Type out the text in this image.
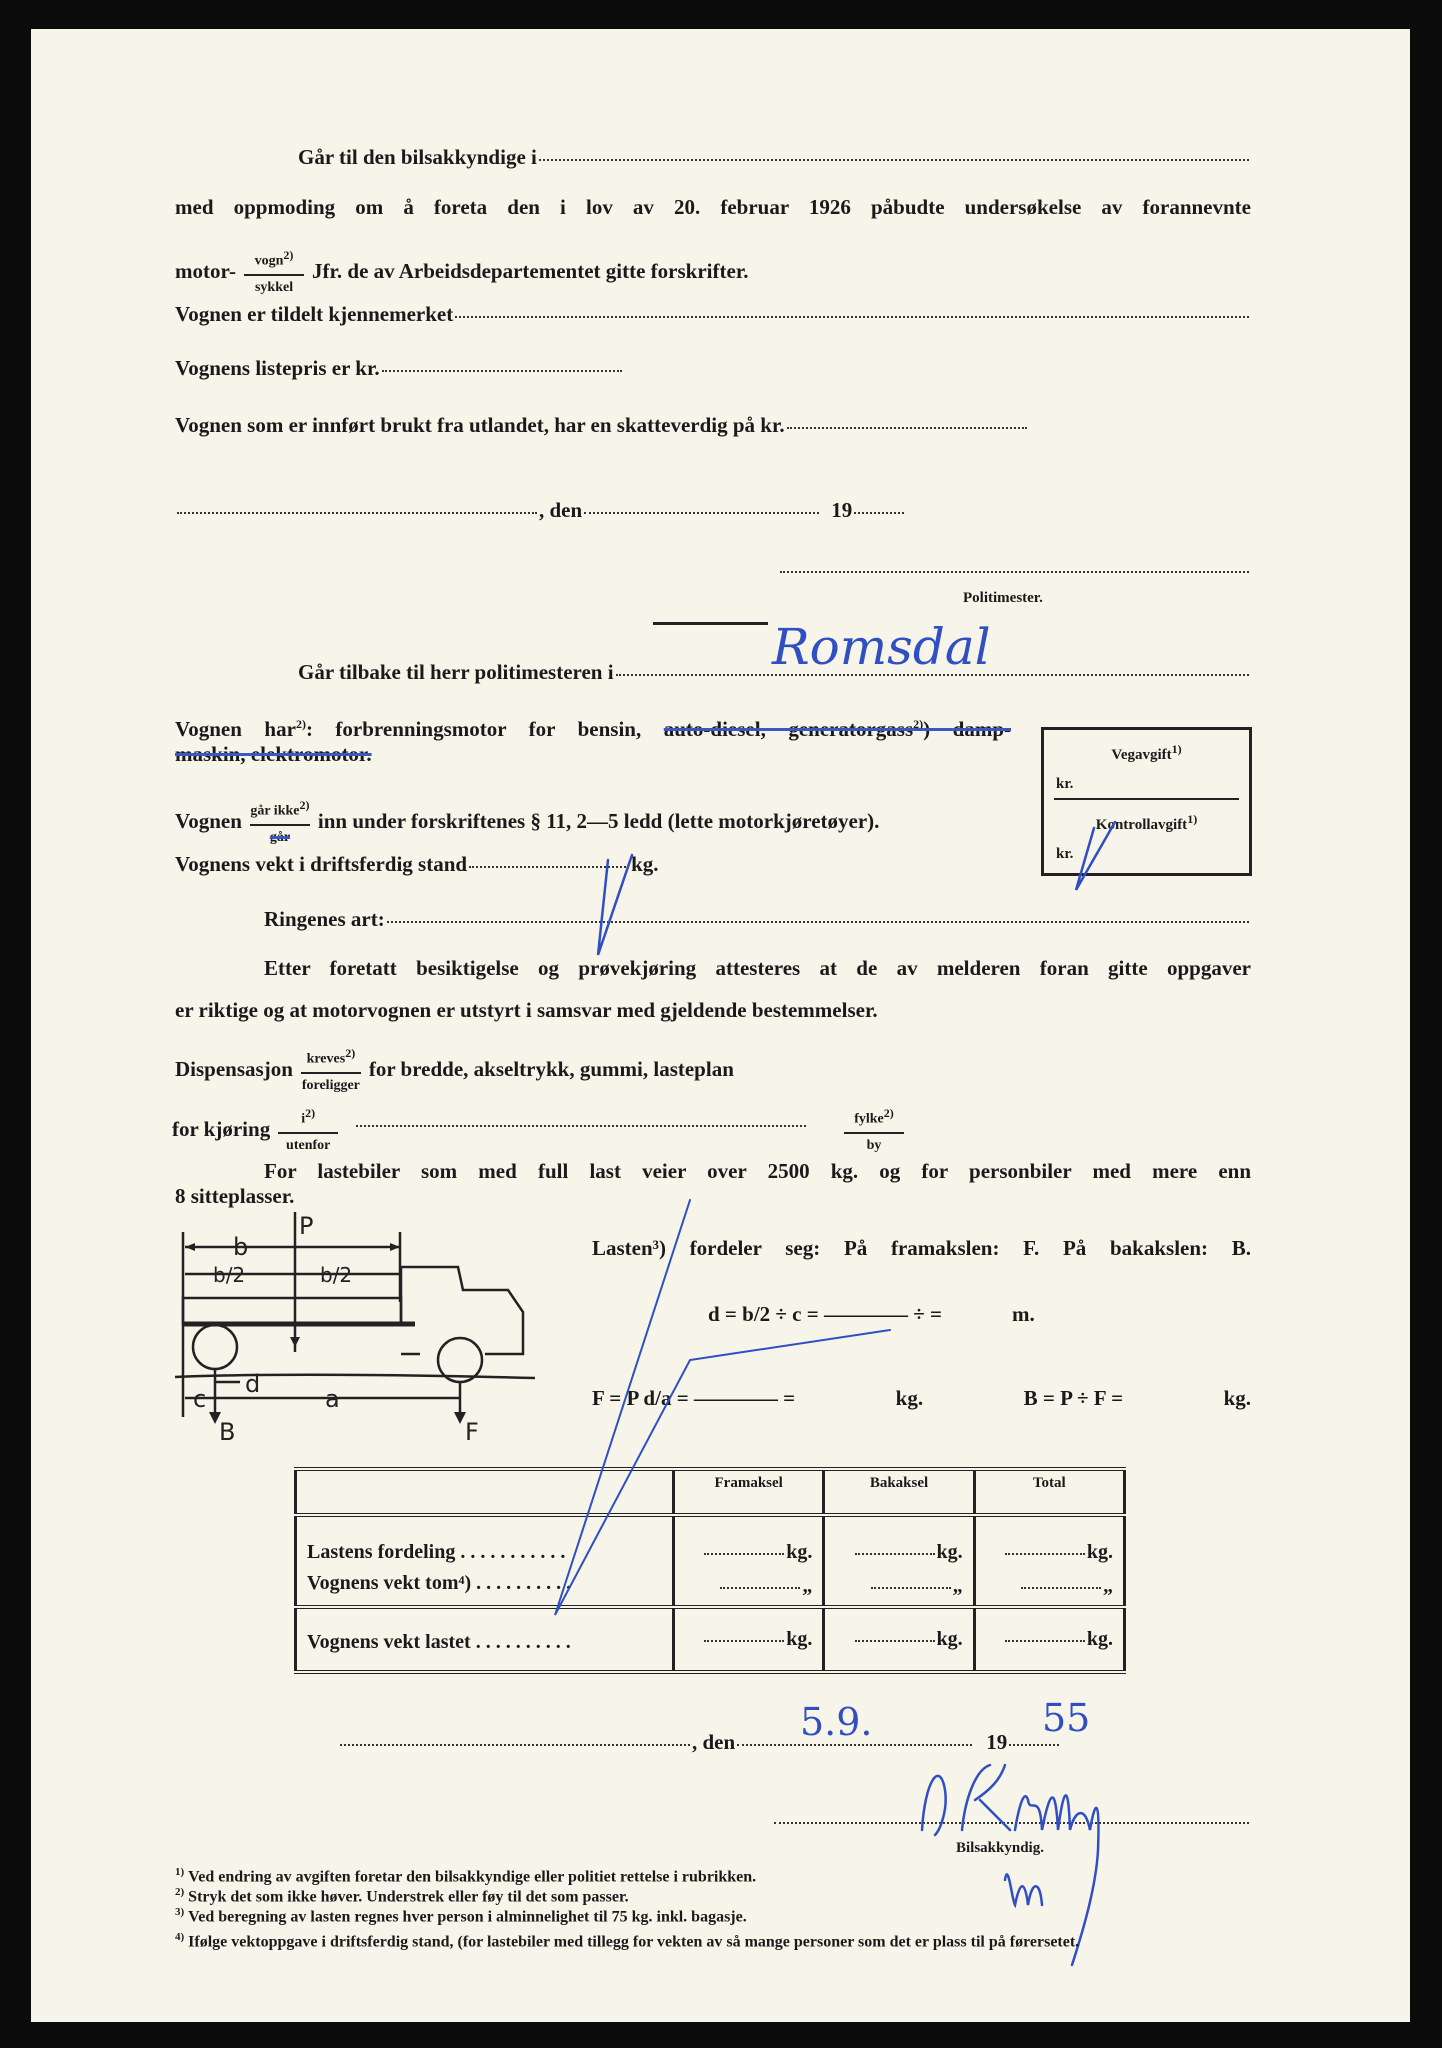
Går til den bilsakkyndige i
med oppmoding om å foreta den i lov av 20. februar 1926 påbudte undersøkelse av forannevnte
motor- $\frac{vogn^{2)}}{\text{sykkel}}$ Jfr. de av Arbeidsdepartementet gitte forskrifter.
Vognen er tildelt kjennemerket
Vognens listepris er kr.
Vognen som er innført brukt fra utlandet, har en skatteverdig på kr.
, den	19
Politimester.
Går tilbake til herr politimesteren i	Romsdal
Vognen har$^{2)}$: forbrenningsmotor for bensin, auto-diesel, generatorgass$^{2)}$) damp-
maskin, elektromotor.
Vognen $\frac{går ikke^{2)}}{\text{går}}$ inn under forskriftenes § 11, 2—5 ledd (lette motorkjøretøyer).
Vognens vekt i driftsferdig stand	kg.
Ringenes art:
Vegavgift$^{1)}$
kr.
Kontrollavgift$^{1)}$
kr.
Etter foretatt besiktigelse og prøvekjøring attesteres at de av melderen foran gitte oppgaver
er riktige og at motorvognen er utstyrt i samsvar med gjeldende bestemmelser.
Dispensasjon $\frac{kreves^{2)}}{\text{foreligger}}$ for bredde, akseltrykk, gummi, lasteplan
for kjøring $\frac{i^{2)}}{\text{utenfor}}$	$\frac{fylke^{2)}}{by}$
For lastebiler som med full last veier over 2500 kg. og for personbiler med mere enn
8 sitteplasser.
P
b
b/2	b/2
c
d
a
B	F
Lasten³) fordeler seg: På framakslen: F. På bakakslen: B.
d = b/2 ÷ c = ———— ÷ =	m.
F = P d/a = ———— =	kg.	B = P ÷ F =	kg.
	Framaksel	Bakaksel	Total
Lastens fordeling . . . . . . . . . . .	kg.	kg.	kg.
Vognens vekt tom⁴) . . . . . . . . . .	„	„	„
Vognens vekt lastet . . . . . . . . . .	kg.	kg.	kg.
, den	19
5.9.	55
Bilsakkyndig.
$^{1)}$ Ved endring av avgiften foretar den bilsakkyndige eller politiet rettelse i rubrikken.
$^{2)}$ Stryk det som ikke høver. Understrek eller føy til det som passer.
$^{3)}$ Ved beregning av lasten regnes hver person i alminnelighet til 75 kg. inkl. bagasje.
$^{4)}$ Ifølge vektoppgave i driftsferdig stand, (for lastebiler med tillegg for vekten av så mange personer som det er plass til på førersetet.
